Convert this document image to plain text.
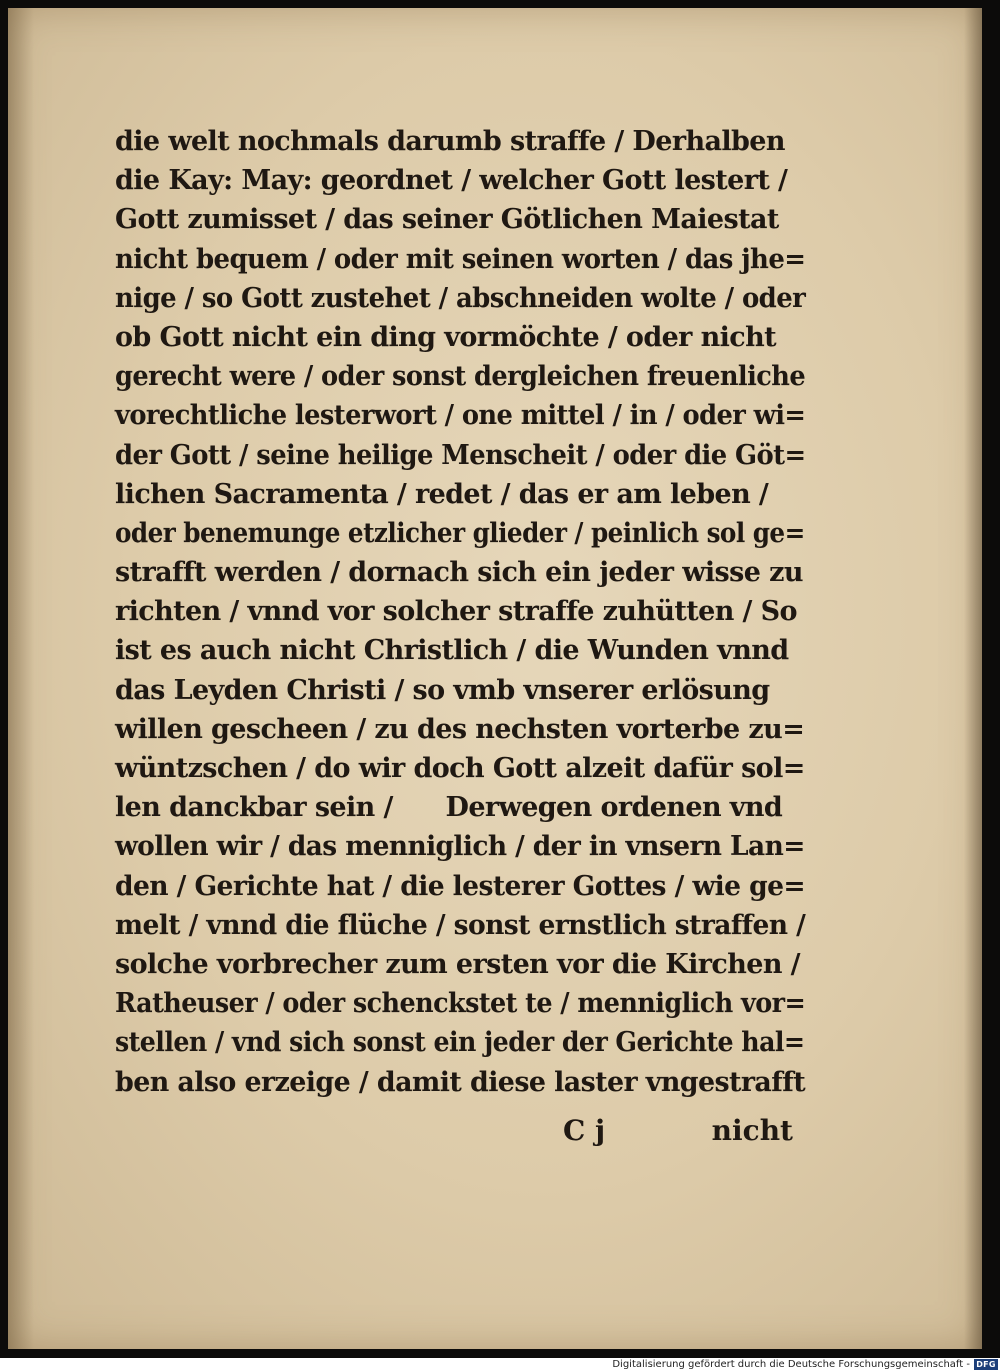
die welt nochmals darumb straffe / Derhalben
die Kay: May: geordnet / welcher Gott lestert /
Gott zumisset / das seiner Götlichen Maiestat
nicht bequem / oder mit seinen worten / das jhe=
nige / so Gott zustehet / abschneiden wolte / oder
ob Gott nicht ein ding vormöchte / oder nicht
gerecht were / oder sonst dergleichen freuenliche
vorechtliche lesterwort / one mittel / in / oder wi=
der Gott / seine heilige Menscheit / oder die Göt=
lichen Sacramenta / redet / das er am leben /
oder benemunge etzlicher glieder / peinlich sol ge=
strafft werden / dornach sich ein jeder wisse zu
richten / vnnd vor solcher straffe zuhütten / So
ist es auch nicht Christlich / die Wunden vnnd
das Leyden Christi / so vmb vnserer erlösung
willen gescheen / zu des nechsten vorterbe zu=
wüntzschen / do wir doch Gott alzeit dafür sol=
len danckbar sein /      Derwegen ordenen vnd
wollen wir / das menniglich / der in vnsern Lan=
den / Gerichte hat / die lesterer Gottes / wie ge=
melt / vnnd die flüche / sonst ernstlich straffen /
solche vorbrecher zum ersten vor die Kirchen /
Ratheuser / oder schenckstet te / menniglich vor=
stellen / vnd sich sonst ein jeder der Gerichte hal=
ben also erzeige / damit diese laster vngestrafft
C j	nicht
Digitalisierung gefördert durch die Deutsche Forschungsgemeinschaft - DFG
